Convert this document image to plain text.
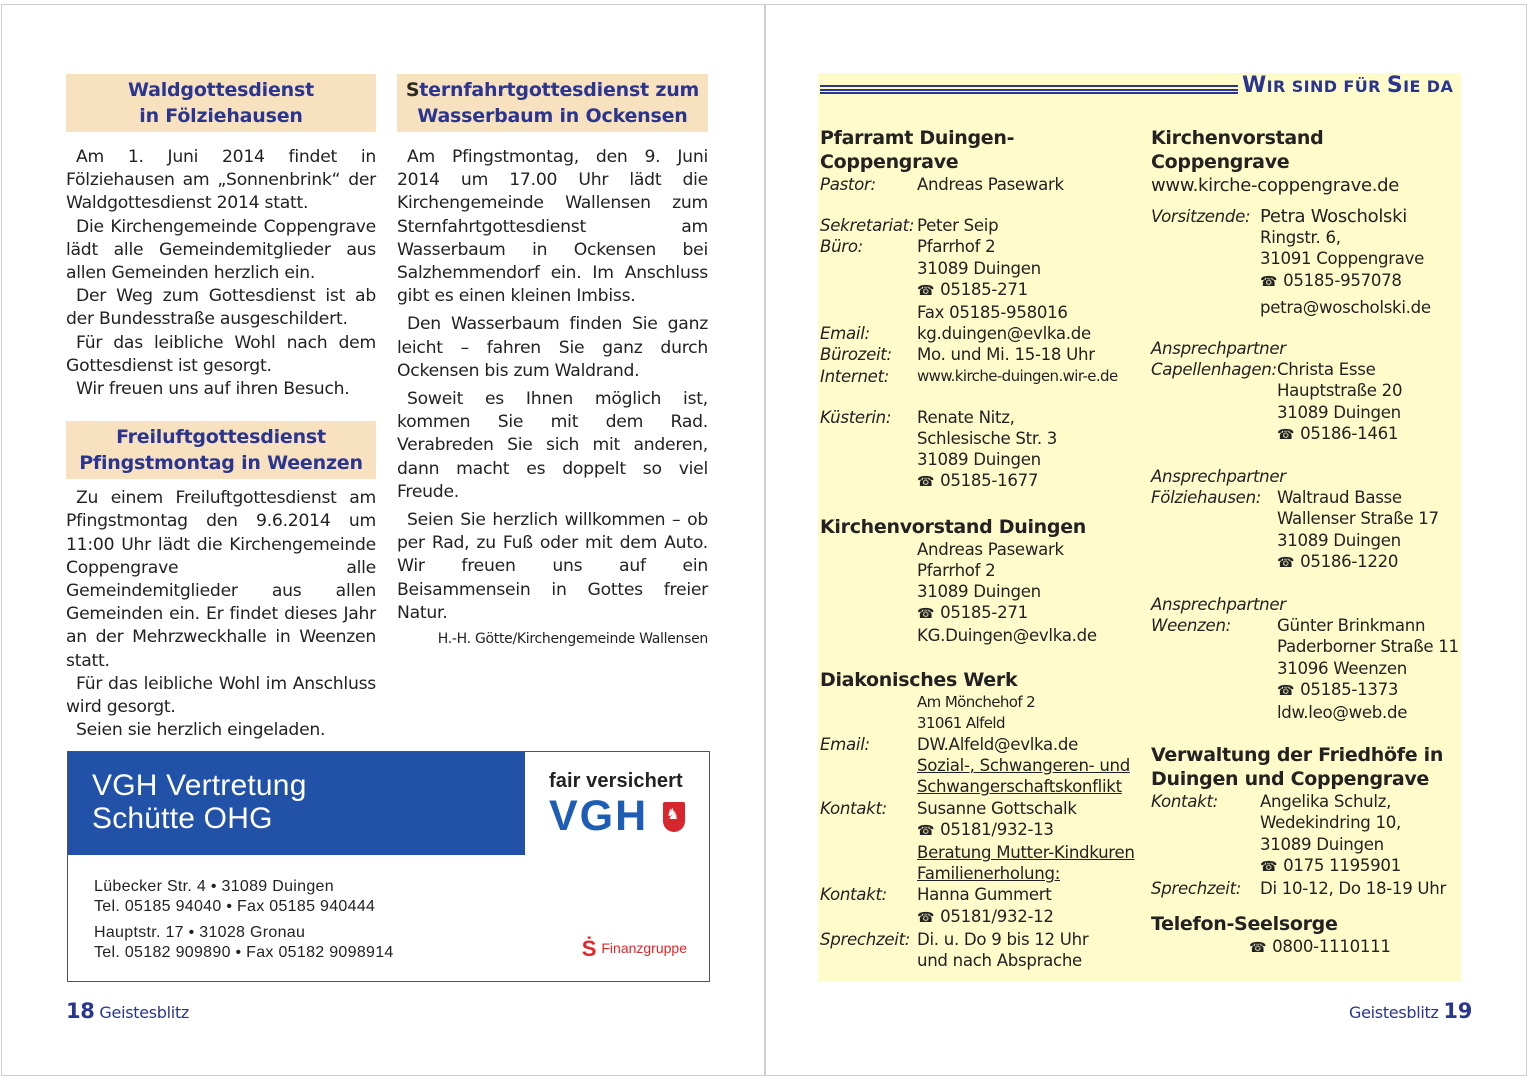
Waldgottesdienst
in Fölziehausen

Am 1. Juni 2014 findet in Fölziehausen am „Sonnenbrink“ der Waldgottesdienst 2014 statt.

Die Kirchengemeinde Coppengrave lädt alle Gemeindemitglieder aus allen Gemeinden herzlich ein.

Der Weg zum Gottesdienst ist ab der Bundesstraße ausgeschildert.

Für das leibliche Wohl nach dem Gottesdienst ist gesorgt.

Wir freuen uns auf ihren Besuch.

Freiluftgottesdienst
Pfingstmontag in Weenzen

Zu einem Freiluftgottesdienst am Pfingstmontag den 9.6.2014 um 11:00 Uhr lädt die Kirchengemeinde Coppengrave alle Gemeindemitglieder aus allen Gemeinden ein. Er findet dieses Jahr an der Mehrzweckhalle in Weenzen statt.

Für das leibliche Wohl im Anschluss wird gesorgt.

Seien sie herzlich eingeladen.

Sternfahrtgottesdienst zum
Wasserbaum in Ockensen

Am Pfingstmontag, den 9. Juni 2014 um 17.00 Uhr lädt die Kirchengemeinde Wallensen zum Sternfahrtgottesdienst am Wasserbaum in Ockensen bei Salzhemmendorf ein. Im Anschluss gibt es einen kleinen Imbiss.

Den Wasserbaum finden Sie ganz leicht – fahren Sie ganz durch Ockensen bis zum Waldrand.

Soweit es Ihnen möglich ist, kommen Sie mit dem Rad. Verabreden Sie sich mit anderen, dann macht es doppelt so viel Freude.

Seien Sie herzlich willkommen – ob per Rad, zu Fuß oder mit dem Auto. Wir freuen uns auf ein Beisammensein in Gottes freier Natur.

H.-H. Götte/Kirchengemeinde Wallensen
VGH Vertretung
Schütte OHG
fair versichert
VGH ♞
Lübecker Str. 4 • 31089 Duingen
Tel. 05185 94040 • Fax 05185 940444
Hauptstr. 17 • 31028 Gronau
Tel. 05182 909890 • Fax 05182 9098914	Ṡ Finanzgruppe
18 Geistesblitz
WIR SIND FÜR SIE DA
Pfarramt Duingen-Coppengrave
Pastor:	Andreas Pasewark
Sekretariat: Peter Seip
Büro:	Pfarrhof 2
31089 Duingen
☎ 05185-271
Fax 05185-958016
Email:	kg.duingen@evlka.de
Bürozeit:	Mo. und Mi. 15-18 Uhr
Internet:	www.kirche-duingen.wir-e.de
Küsterin:	Renate Nitz,
Schlesische Str. 3
31089 Duingen
☎ 05185-1677
Kirchenvorstand Duingen
Andreas Pasewark
Pfarrhof 2
31089 Duingen
☎ 05185-271
KG.Duingen@evlka.de
Diakonisches Werk
Am Mönchehof 2
31061 Alfeld
Email:	DW.Alfeld@evlka.de
Sozial-, Schwangeren- und
Schwangerschaftskonflikt
Kontakt:	Susanne Gottschalk
☎ 05181/932-13
Beratung Mutter-Kindkuren
Familienerholung:
Kontakt:	Hanna Gummert
☎ 05181/932-12
Sprechzeit: Di. u. Do 9 bis 12 Uhr
und nach Absprache
Kirchenvorstand Coppengrave
www.kirche-coppengrave.de
Vorsitzende: Petra Woscholski
Ringstr. 6,
31091 Coppengrave
☎ 05185-957078
petra@woscholski.de
Ansprechpartner
Capellenhagen: Christa Esse
Hauptstraße 20
31089 Duingen
☎ 05186-1461
Ansprechpartner
Fölziehausen: Waltraud Basse
Wallenser Straße 17
31089 Duingen
☎ 05186-1220
Ansprechpartner
Weenzen:	Günter Brinkmann
Paderborner Straße 11
31096 Weenzen
☎ 05185-1373
ldw.leo@web.de
Verwaltung der Friedhöfe in
Duingen und Coppengrave
Kontakt:	Angelika Schulz,
Wedekindring 10,
31089 Duingen
☎ 0175 1195901
Sprechzeit:	Di 10-12, Do 18-19 Uhr
Telefon-Seelsorge
☎ 0800-1110111
Geistesblitz 19
